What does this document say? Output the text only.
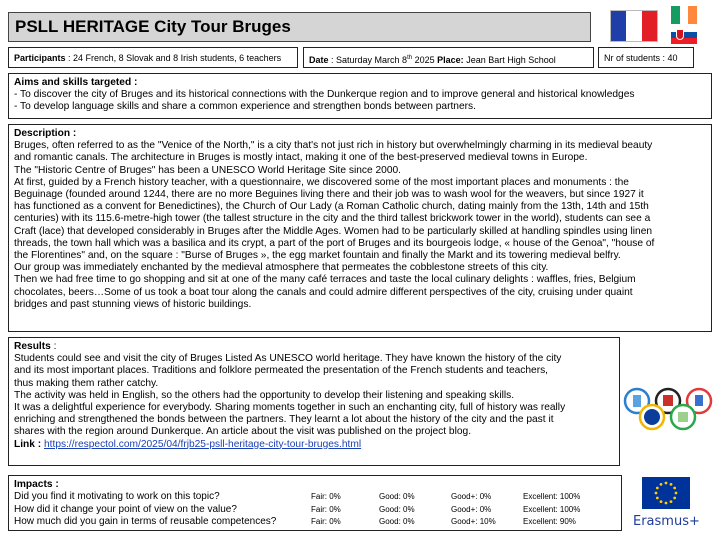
PSLL HERITAGE City Tour Bruges
Participants : 24 French, 8 Slovak and 8 Irish students, 6 teachers	Date : Saturday March 8th 2025 Place: Jean Bart High School	Nr of students : 40
Aims and skills targeted :
- To discover the city of Bruges and its historical connections with the Dunkerque region and to improve general and historical knowledges
- To develop language skills and share a common experience and strengthen bonds between partners.
Description :
Bruges, often referred to as the "Venice of the North," is a city that's not just rich in history but overwhelmingly charming in its medieval beauty
and romantic canals. The architecture in Bruges is mostly intact, making it one of the best-preserved medieval towns in Europe.
The "Historic Centre of Bruges" has been a UNESCO World Heritage Site since 2000.
At first, guided by a French history teacher, with a questionnaire, we discovered some of the most important places and monuments : the
Beguinage (founded around 1244, there are no more Beguines living there and their job was to wash wool for the weavers, but since 1927 it
has functioned as a convent for Benedictines), the Church of Our Lady (a Roman Catholic church, dating mainly from the 13th, 14th and 15th
centuries) with its 115.6-metre-high tower (the tallest structure in the city and the third tallest brickwork tower in the world), students can see a
Craft (lace) that developed considerably in Bruges after the Middle Ages. Women had to be particularly skilled at handling spindles using linen
threads, the town hall which was a basilica and its crypt, a part of the port of Bruges and its bourgeois lodge, « house of the Genoa", "house of
the Florentines" and, on the square : "Burse of Bruges », the egg market fountain and finally the Markt and its towering medieval belfry.
Our group was immediately enchanted by the medieval atmosphere that permeates the cobblestone streets of this city.
Then we had free time to go shopping and sit at one of the many café terraces and taste the local culinary delights : waffles, fries, Belgium
chocolates, beers…Some of us took a boat tour along the canals and could admire different perspectives of the city, cruising under quaint
bridges and past stunning views of historic buildings.
Results :
Students could see and visit the city of Bruges Listed As UNESCO world heritage. They have known the history of the city
and its most important places. Traditions and folklore permeated the presentation of the French students and teachers,
thus making them rather catchy.
The activity was held in English, so the others had the opportunity to develop their listening and speaking skills.
It was a delightful experience for everybody. Sharing moments together in such an enchanting city, full of history was really
enriching and strengthened the bonds between the partners. They learnt a lot about the history of the city and the past it
shares with the region around Dunkerque. An article about the visit was published on the project blog.
Link : https://respectol.com/2025/04/frjb25-psll-heritage-city-tour-bruges.html
Impacts :
Did you find it motivating to work on this topic?	Fair: 0%	Good: 0%	Good+: 0%	Excellent: 100%
How did it change your point of view on the value?	Fair: 0%	Good: 0%	Good+: 0%	Excellent: 100%
How much did you gain in terms of reusable competences?	Fair: 0%	Good: 0%	Good+: 10%	Excellent: 90%	Erasmus+
